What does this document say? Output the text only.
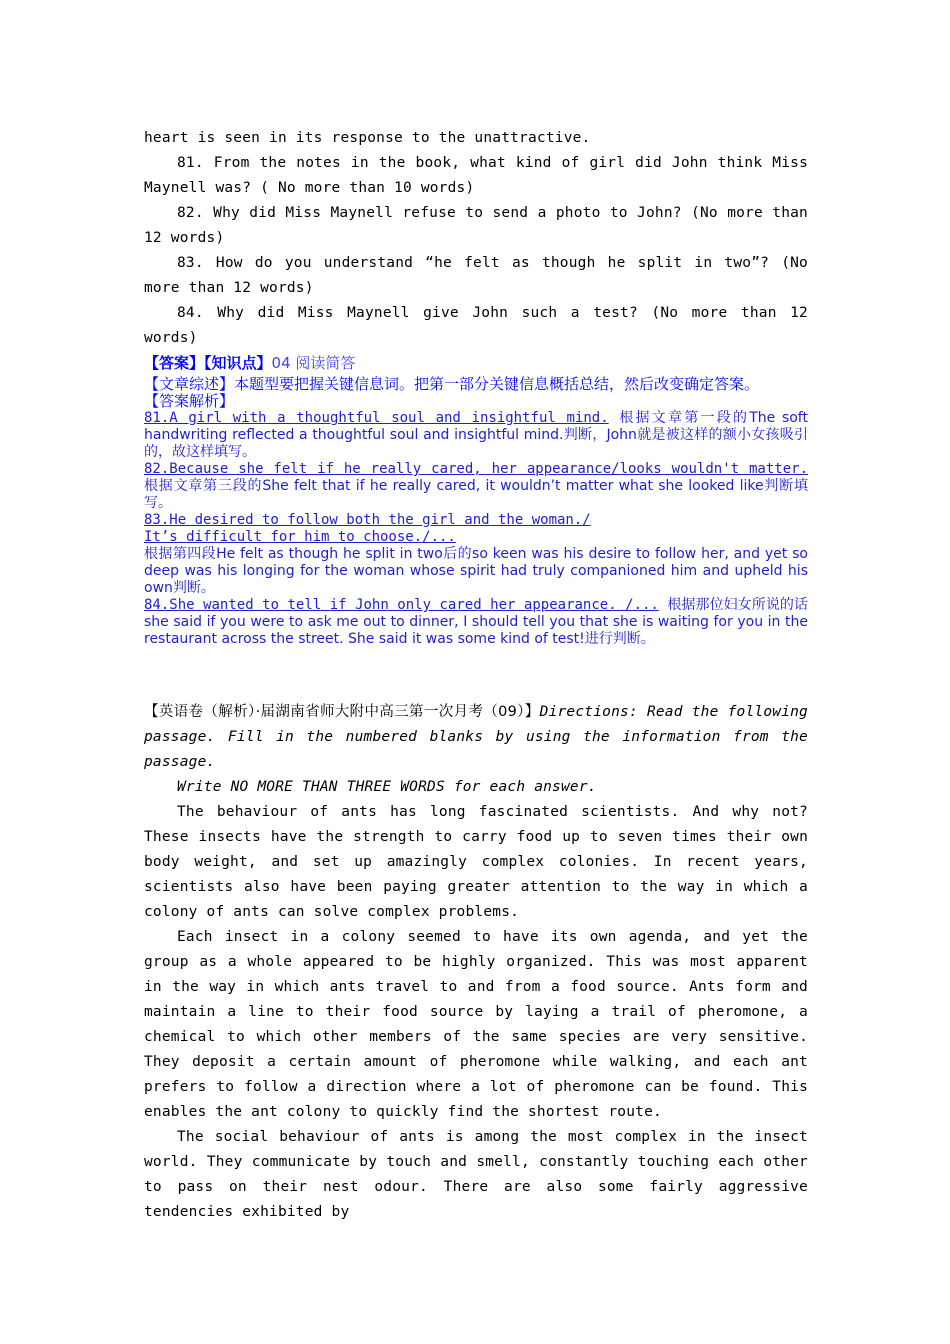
heart is seen in its response to the unattractive.

81. From the notes in the book, what kind of girl did John think Miss Maynell was? ( No more than 10 words)

82. Why did Miss Maynell refuse to send a photo to John? (No more than 12 words)

83. How do you understand “he felt as though he split in two”? (No more than 12 words)

84. Why did Miss Maynell give John such a test? (No more than 12 words)

【答案】【知识点】04 阅读简答

【文章综述】本题型要把握关键信息词。把第一部分关键信息概括总结，然后改变确定答案。

【答案解析】

81.A girl with a thoughtful soul and insightful mind. 根据文章第一段的The soft handwriting reflected a thoughtful soul and insightful mind.判断，John就是被这样的额小女孩吸引的，故这样填写。

82.Because she felt if he really cared, her appearance/looks wouldn't matter. 根据文章第三段的She felt that if he really cared, it wouldn’t matter what she looked like判断填写。

83.He desired to follow both the girl and the woman./
It’s difficult for him to choose./...
根据第四段He felt as though he split in two后的so keen was his desire to follow her, and yet so deep was his longing for the woman whose spirit had truly companioned him and upheld his own判断。

84.She wanted to tell if John only cared her appearance. /... 根据那位妇女所说的话she said if you were to ask me out to dinner, I should tell you that she is waiting for you in the restaurant across the street. She said it was some kind of test!进行判断。

【英语卷（解析）·届湖南省师大附中高三第一次月考（09）】Directions: Read the following passage. Fill in the numbered blanks by using the information from the passage.

Write NO MORE THAN THREE WORDS for each answer.

The behaviour of ants has long fascinated scientists. And why not? These insects have the strength to carry food up to seven times their own body weight, and set up amazingly complex colonies. In recent years, scientists also have been paying greater attention to the way in which a colony of ants can solve complex problems.

Each insect in a colony seemed to have its own agenda, and yet the group as a whole appeared to be highly organized. This was most apparent in the way in which ants travel to and from a food source. Ants form and maintain a line to their food source by laying a trail of pheromone, a chemical to which other members of the same species are very sensitive. They deposit a certain amount of pheromone while walking, and each ant prefers to follow a direction where a lot of pheromone can be found. This enables the ant colony to quickly find the shortest route.

The social behaviour of ants is among the most complex in the insect world. They communicate by touch and smell, constantly touching each other to pass on their nest odour. There are also some fairly aggressive tendencies exhibited by
